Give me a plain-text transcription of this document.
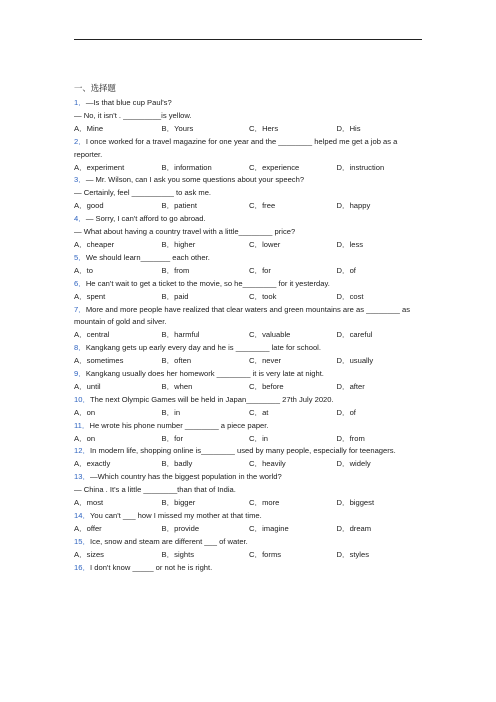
一、选择题
1．—Is that blue cup Paul's?
— No, it isn't . _________is yellow.
A．Mine	B．Yours	C．Hers	D．His
2．I once worked for a travel magazine for one year and the ________ helped me get a job as a reporter.
A．experiment	B．information	C．experience	D．instruction
3．— Mr. Wilson, can I ask you some questions about your speech?
— Certainly, feel __________ to ask me.
A．good	B．patient	C．free	D．happy
4．— Sorry, I can't afford to go abroad.
— What about having a country travel with a little________ price?
A．cheaper	B．higher	C．lower	D．less
5．We should learn_______ each other.
A．to	B．from	C．for	D．of
6．He can't wait to get a ticket to the movie, so he________ for it yesterday.
A．spent	B．paid	C．took	D．cost
7．More and more people have realized that clear waters and green mountains are as ________ as mountain of gold and silver.
A．central	B．harmful	C．valuable	D．careful
8．Kangkang gets up early every day and he is ________ late for school.
A．sometimes	B．often	C．never	D．usually
9．Kangkang usually does her homework ________ it is very late at night.
A．until	B．when	C．before	D．after
10．The next Olympic Games will be held in Japan________ 27th July 2020.
A．on	B．in	C．at	D．of
11．He wrote his phone number ________ a piece paper.
A．on	B．for	C．in	D．from
12．In modern life, shopping online is________ used by many people, especially for teenagers.
A．exactly	B．badly	C．heavily	D．widely
13．—Which country has the biggest population in the world?
— China . It's a little ________than that of India.
A．most	B．bigger	C．more	D．biggest
14．You can't ___ how I missed my mother at that time.
A．offer	B．provide	C．imagine	D．dream
15．Ice, snow and steam are different ___ of water.
A．sizes	B．sights	C．forms	D．styles
16．I don't know _____ or not he is right.
